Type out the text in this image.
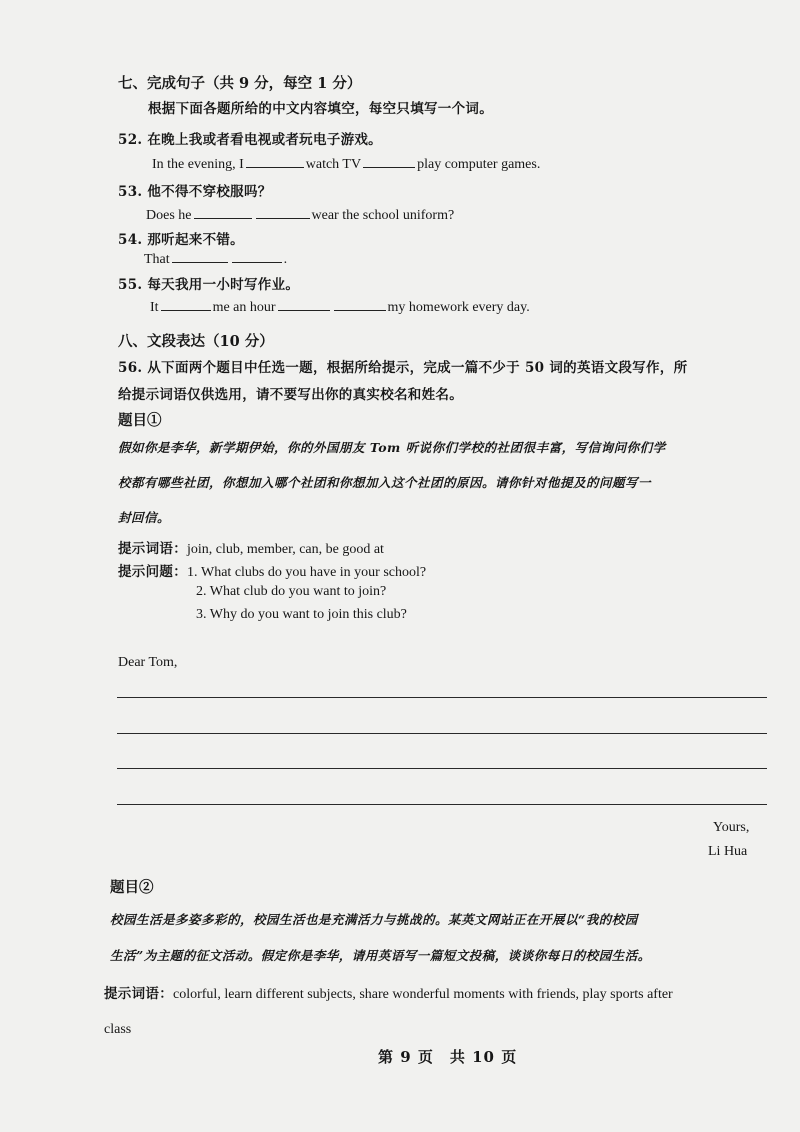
七、完成句子（共 9 分，每空 1 分）
根据下面各题所给的中文内容填空，每空只填写一个词。
52. 在晚上我或者看电视或者玩电子游戏。
In the evening, I	watch TV	play computer games.
53. 他不得不穿校服吗？
Does he	wear the school uniform?
54. 那听起来不错。
That	.
55. 每天我用一小时写作业。
It	me an hour	my homework every day.
八、文段表达（10 分）
56. 从下面两个题目中任选一题，根据所给提示，完成一篇不少于 50 词的英语文段写作，所
给提示词语仅供选用，请不要写出你的真实校名和姓名。
题目①
假如你是李华，新学期伊始，你的外国朋友 Tom 听说你们学校的社团很丰富，写信询问你们学
校都有哪些社团，你想加入哪个社团和你想加入这个社团的原因。请你针对他提及的问题写一
封回信。
提示词语：join, club, member, can, be good at
提示问题：1. What clubs do you have in your school?
2. What club do you want to join?
3. Why do you want to join this club?
Dear Tom,
Yours,
Li Hua
题目②
校园生活是多姿多彩的，校园生活也是充满活力与挑战的。某英文网站正在开展以“我的校园
生活”为主题的征文活动。假定你是李华，请用英语写一篇短文投稿，谈谈你每日的校园生活。
提示词语：colorful, learn different subjects, share wonderful moments with friends, play sports after
class
第 9 页　共 10 页
